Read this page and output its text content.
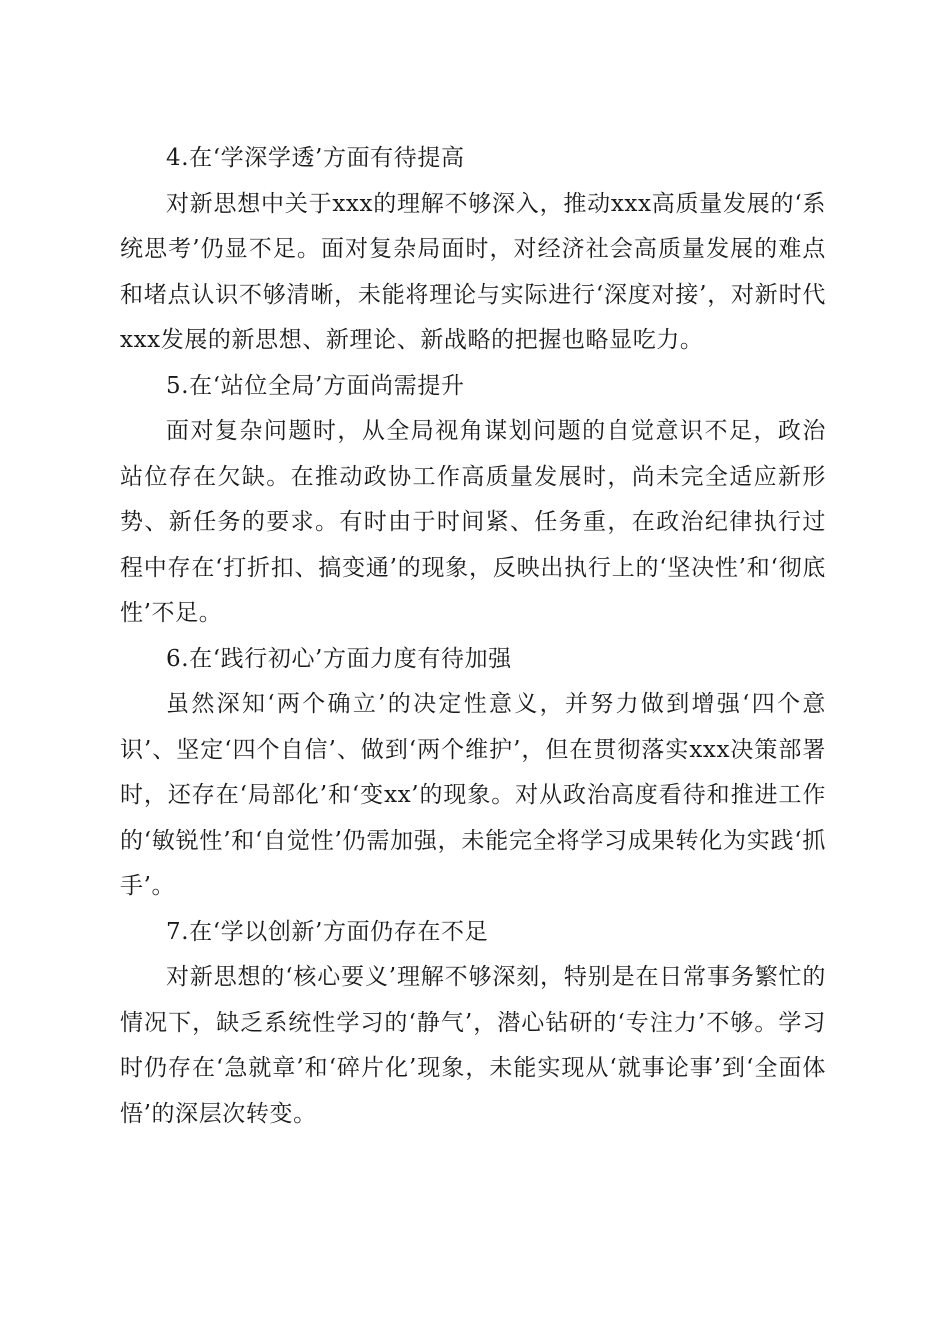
4.在‘学深学透’方面有待提高

对新思想中关于xxx的理解不够深入，推动xxx高质量发展的‘系统思考’仍显不足。面对复杂局面时，对经济社会高质量发展的难点和堵点认识不够清晰，未能将理论与实际进行‘深度对接’，对新时代xxx发展的新思想、新理论、新战略的把握也略显吃力。

5.在‘站位全局’方面尚需提升

面对复杂问题时，从全局视角谋划问题的自觉意识不足，政治站位存在欠缺。在推动政协工作高质量发展时，尚未完全适应新形势、新任务的要求。有时由于时间紧、任务重，在政治纪律执行过程中存在‘打折扣、搞变通’的现象，反映出执行上的‘坚决性’和‘彻底性’不足。

6.在‘践行初心’方面力度有待加强

虽然深知‘两个确立’的决定性意义，并努力做到增强‘四个意识’、坚定‘四个自信’、做到‘两个维护’，但在贯彻落实xxx决策部署时，还存在‘局部化’和‘变xx’的现象。对从政治高度看待和推进工作的‘敏锐性’和‘自觉性’仍需加强，未能完全将学习成果转化为实践‘抓手’。

7.在‘学以创新’方面仍存在不足

对新思想的‘核心要义’理解不够深刻，特别是在日常事务繁忙的情况下，缺乏系统性学习的‘静气’，潜心钻研的‘专注力’不够。学习时仍存在‘急就章’和‘碎片化’现象，未能实现从‘就事论事’到‘全面体悟’的深层次转变。
